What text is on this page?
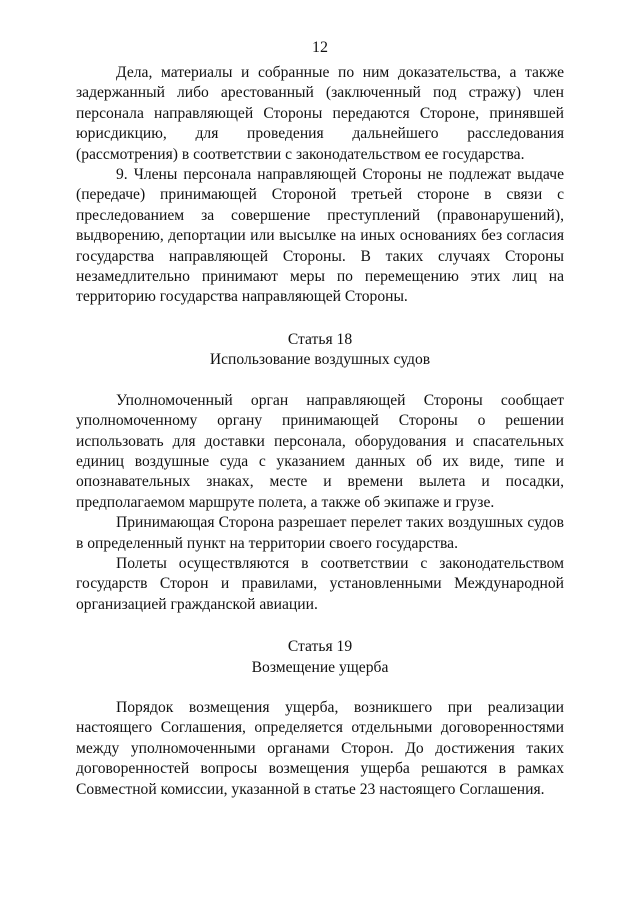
12

Дела, материалы и собранные по ним доказательства, а также задержанный либо арестованный (заключенный под стражу) член персонала направляющей Стороны передаются Стороне, принявшей юрисдикцию, для проведения дальнейшего расследования (рассмотрения) в соответствии с законодательством ее государства.

9. Члены персонала направляющей Стороны не подлежат выдаче (передаче) принимающей Стороной третьей стороне в связи с преследованием за совершение преступлений (правонарушений), выдворению, депортации или высылке на иных основаниях без согласия государства направляющей Стороны. В таких случаях Стороны незамедлительно принимают меры по перемещению этих лиц на территорию государства направляющей Стороны.

Статья 18

Использование воздушных судов

Уполномоченный орган направляющей Стороны сообщает уполномоченному органу принимающей Стороны о решении использовать для доставки персонала, оборудования и спасательных единиц воздушные суда с указанием данных об их виде, типе и опознавательных знаках, месте и времени вылета и посадки, предполагаемом маршруте полета, а также об экипаже и грузе.

Принимающая Сторона разрешает перелет таких воздушных судов в определенный пункт на территории своего государства.

Полеты осуществляются в соответствии с законодательством государств Сторон и правилами, установленными Международной организацией гражданской авиации.

Статья 19

Возмещение ущерба

Порядок возмещения ущерба, возникшего при реализации настоящего Соглашения, определяется отдельными договоренностями между уполномоченными органами Сторон. До достижения таких договоренностей вопросы возмещения ущерба решаются в рамках Совместной комиссии, указанной в статье 23 настоящего Соглашения.
